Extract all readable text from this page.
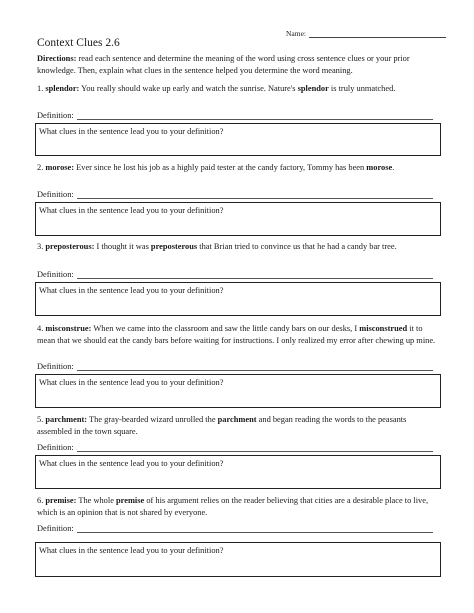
Name:
Context Clues 2.6
Directions: read each sentence and determine the meaning of the word using cross sentence clues or your prior knowledge. Then, explain what clues in the sentence helped you determine the word meaning.
1. splendor: You really should wake up early and watch the sunrise. Nature's splendor is truly unmatched.
Definition:
What clues in the sentence lead you to your definition?
2. morose: Ever since he lost his job as a highly paid tester at the candy factory, Tommy has been morose.
Definition:
What clues in the sentence lead you to your definition?
3. preposterous: I thought it was preposterous that Brian tried to convince us that he had a candy bar tree.
Definition:
What clues in the sentence lead you to your definition?
4. misconstrue: When we came into the classroom and saw the little candy bars on our desks, I misconstrued it to mean that we should eat the candy bars before waiting for instructions. I only realized my error after chewing up mine.
Definition:
What clues in the sentence lead you to your definition?
5. parchment: The gray-bearded wizard unrolled the parchment and began reading the words to the peasants assembled in the town square.
Definition:
What clues in the sentence lead you to your definition?
6. premise: The whole premise of his argument relies on the reader believing that cities are a desirable place to live, which is an opinion that is not shared by everyone.
Definition:
What clues in the sentence lead you to your definition?
